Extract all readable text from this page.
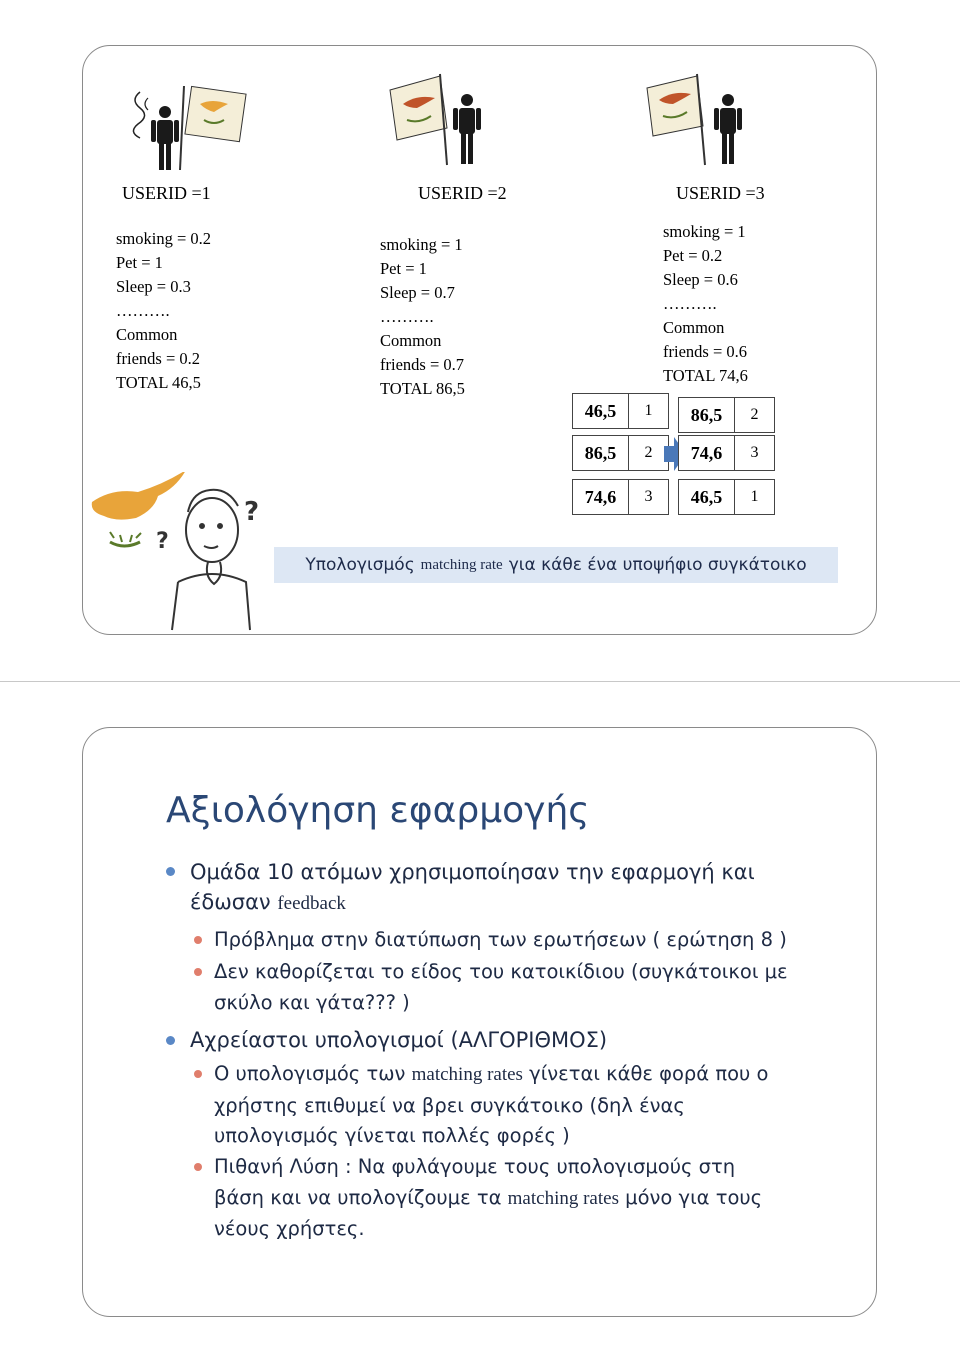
USERID =1	USERID =2	USERID =3
smoking = 0.2
Pet = 1
Sleep = 0.3
……….
Common
friends = 0.2
TOTAL 46,5
smoking = 1
Pet = 1
Sleep = 0.7
……….
Common
friends = 0.7
TOTAL 86,5
smoking = 1
Pet = 0.2
Sleep = 0.6
……….
Common
friends = 0.6
TOTAL 74,6
46,5	1
86,5	2
74,6	3
86,5	2
74,6	3
46,5	1
?
?
Υπολογισμός matching rate για κάθε ένα υποψήφιο συγκάτοικο
Αξιολόγηση εφαρμογής
Ομάδα 10 ατόμων χρησιμοποίησαν την εφαρμογή και
έδωσαν feedback
Πρόβλημα στην διατύπωση των ερωτήσεων ( ερώτηση 8 )
Δεν καθορίζεται το είδος του κατοικίδιου (συγκάτοικοι με
σκύλο και γάτα??? )
Αχρείαστοι υπολογισμοί (ΑΛΓΟΡΙΘΜΟΣ)
Ο υπολογισμός των matching rates γίνεται κάθε φορά που ο
χρήστης επιθυμεί να βρει συγκάτοικο (δηλ ένας
υπολογισμός γίνεται πολλές φορές )
Πιθανή Λύση : Να φυλάγουμε τους υπολογισμούς στη
βάση και να υπολογίζουμε τα matching rates μόνο για τους
νέους χρήστες.
